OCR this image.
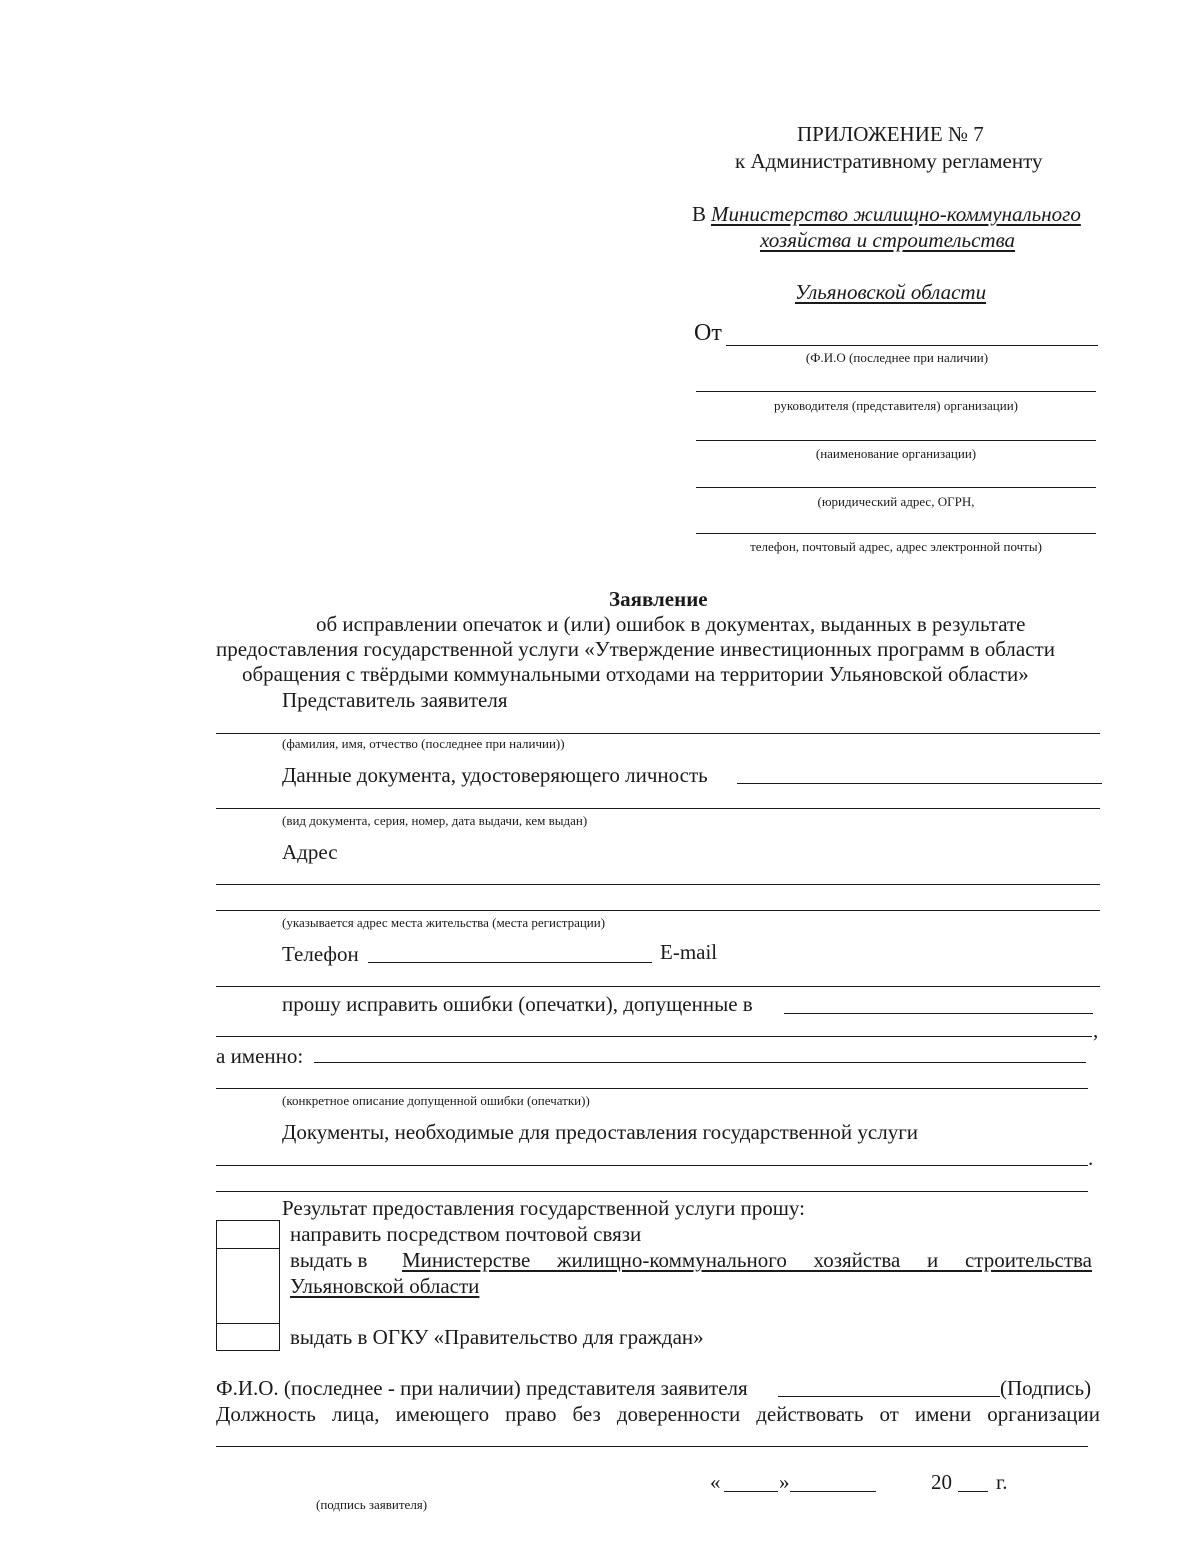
ПРИЛОЖЕНИЕ № 7
к Административному регламенту
В Министерство жилищно-коммунального
хозяйства и строительства
Ульяновской области
От
(Ф.И.О (последнее при наличии)
руководителя (представителя) организации)
(наименование организации)
(юридический адрес, ОГРН,
телефон, почтовый адрес, адрес электронной почты)
Заявление
об исправлении опечаток и (или) ошибок в документах, выданных в результате
предоставления государственной услуги «Утверждение инвестиционных программ в области
обращения с твёрдыми коммунальными отходами на территории Ульяновской области»
Представитель заявителя
(фамилия, имя, отчество (последнее при наличии))
Данные документа, удостоверяющего личность
(вид документа, серия, номер, дата выдачи, кем выдан)
Адрес
(указывается адрес места жительства (места регистрации)
Телефон	E-mail
прошу исправить ошибки (опечатки), допущенные в
,
а именно:
(конкретное описание допущенной ошибки (опечатки))
Документы, необходимые для предоставления государственной услуги
.
Результат предоставления государственной услуги прошу:
направить посредством почтовой связи
выдать в Министерстве жилищно-коммунального хозяйства и строительства
Ульяновской области
выдать в ОГКУ «Правительство для граждан»
Ф.И.О. (последнее - при наличии) представителя заявителя	(Подпись)
Должность лица, имеющего право без доверенности действовать от имени организации
«	»	20 г.
(подпись заявителя)
